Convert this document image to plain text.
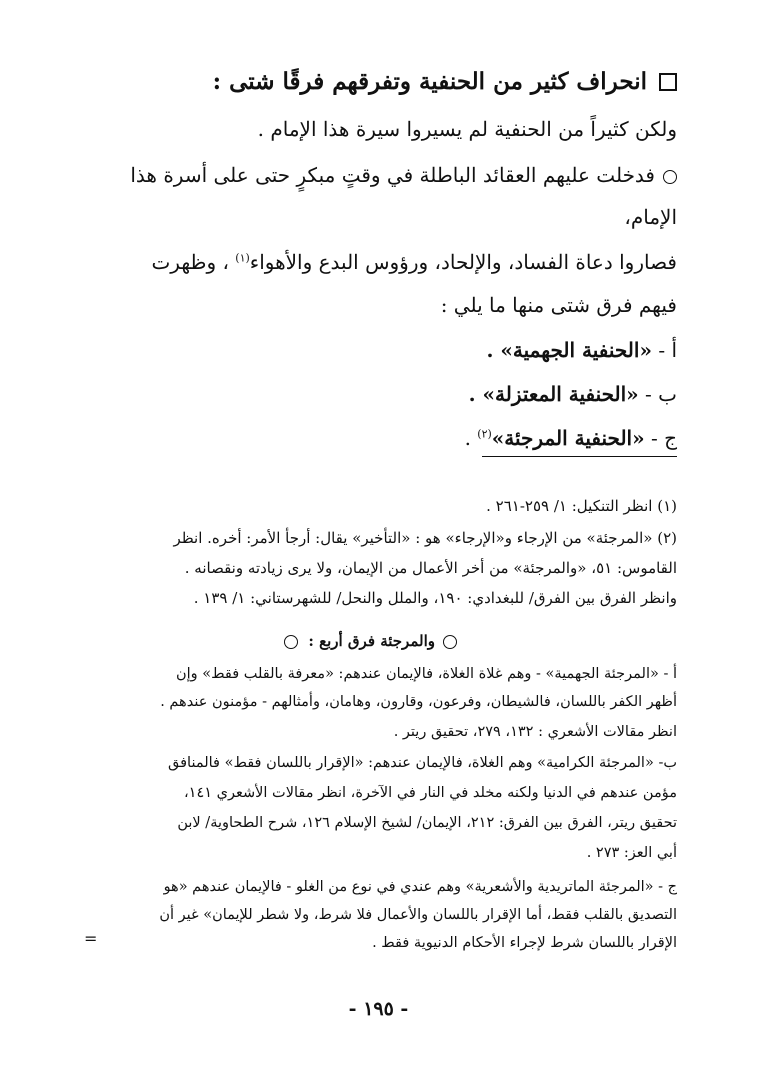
انحراف كثير من الحنفية وتفرقهم فرقًا شتى :
ولكن كثيراً من الحنفية لم يسيروا سيرة هذا الإمام .
فدخلت عليهم العقائد الباطلة في وقتٍ مبكرٍ حتى على أسرة هذا
الإمام،
فصاروا دعاة الفساد، والإلحاد، ورؤوس البدع والأهواء$^{(١)}$ ، وظهرت
فيهم فرق شتى منها ما يلي :
أ - «الحنفية الجهمية» .
ب - «الحنفية المعتزلة» .
ج - «الحنفية المرجئة»$^{(٢)}$ .
(١) انظر التنكيل: ١/ ٢٥٩-٢٦١ .
(٢) «المرجئة» من الإرجاء و«الإرجاء» هو : «التأخير» يقال: أرجأ الأمر: أخره. انظر
القاموس: ٥١، «والمرجئة» من أخر الأعمال من الإيمان، ولا يرى زيادته ونقصانه .
وانظر الفرق بين الفرق/ للبغدادي: ١٩٠، والملل والنحل/ للشهرستاني: ١/ ١٣٩ .
والمرجئة فرق أربع :
أ - «المرجئة الجهمية» - وهم غلاة الغلاة، فالإيمان عندهم: «معرفة بالقلب فقط» وإن
أظهر الكفر باللسان، فالشيطان، وفرعون، وقارون، وهامان، وأمثالهم - مؤمنون عندهم .
انظر مقالات الأشعري : ١٣٢، ٢٧٩، تحقيق ريتر .
ب- «المرجئة الكرامية» وهم الغلاة، فالإيمان عندهم: «الإقرار باللسان فقط» فالمنافق
مؤمن عندهم في الدنيا ولكنه مخلد في النار في الآخرة، انظر مقالات الأشعري ١٤١،
تحقيق ريتر، الفرق بين الفرق: ٢١٢، الإيمان/ لشيخ الإسلام ١٢٦، شرح الطحاوية/ لابن
أبي العز: ٢٧٣ .
ج - «المرجئة الماتريدية والأشعرية» وهم عندي في نوع من الغلو - فالإيمان عندهم «هو
التصديق بالقلب فقط، أما الإقرار باللسان والأعمال فلا شرط، ولا شطر للإيمان» غير أن
الإقرار باللسان شرط لإجراء الأحكام الدنيوية فقط .
=
- ١٩٥ -
